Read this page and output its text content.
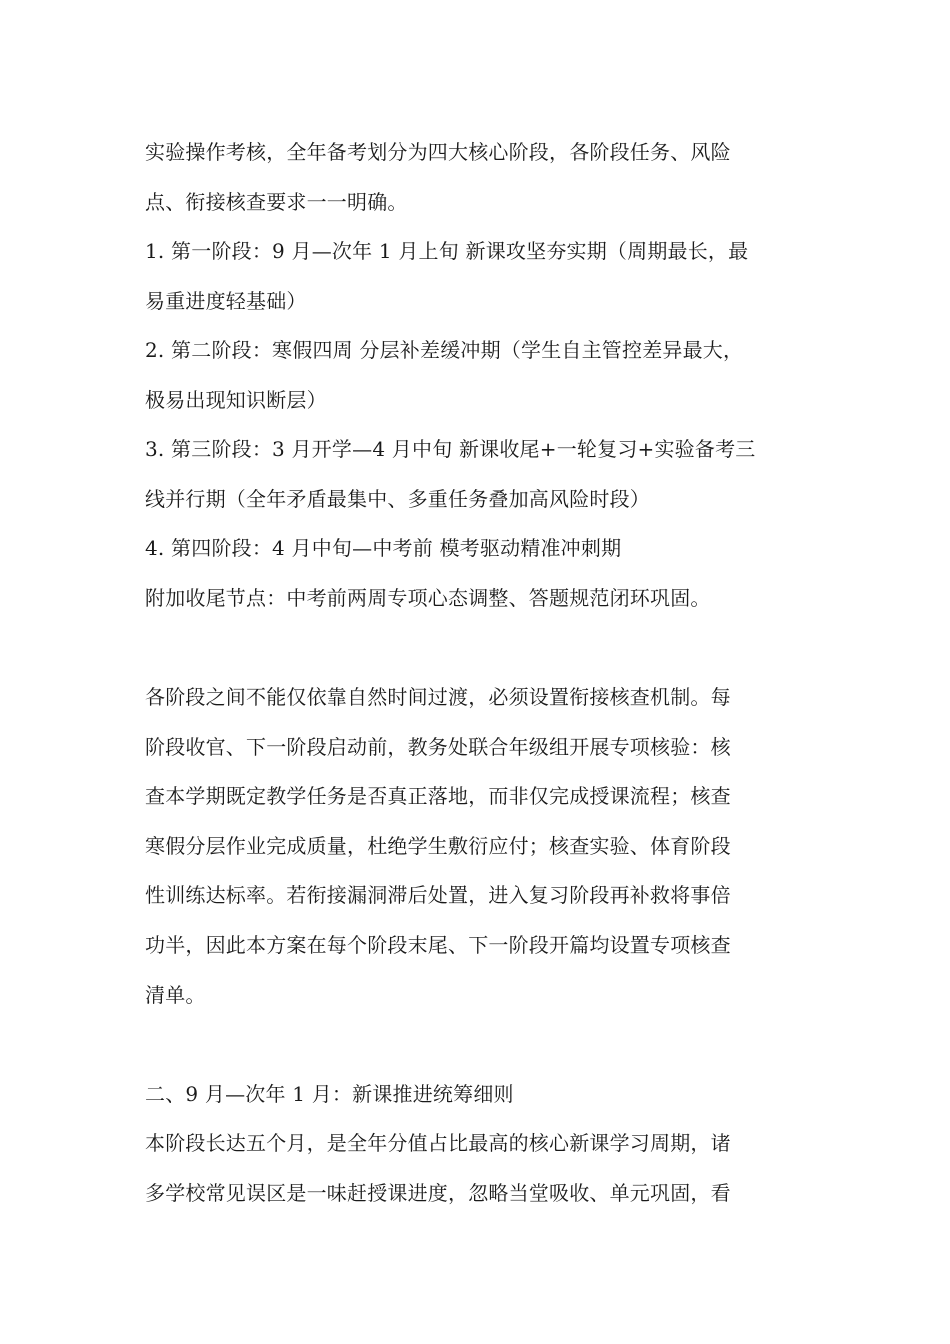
实验操作考核，全年备考划分为四大核心阶段，各阶段任务、风险

点、衔接核查要求一一明确。

1. 第一阶段：9 月—次年 1 月上旬 新课攻坚夯实期（周期最长，最

易重进度轻基础）

2. 第二阶段：寒假四周 分层补差缓冲期（学生自主管控差异最大，

极易出现知识断层）

3. 第三阶段：3 月开学—4 月中旬 新课收尾+一轮复习+实验备考三

线并行期（全年矛盾最集中、多重任务叠加高风险时段）

4. 第四阶段：4 月中旬—中考前 模考驱动精准冲刺期

附加收尾节点：中考前两周专项心态调整、答题规范闭环巩固。

各阶段之间不能仅依靠自然时间过渡，必须设置衔接核查机制。每

阶段收官、下一阶段启动前，教务处联合年级组开展专项核验：核

查本学期既定教学任务是否真正落地，而非仅完成授课流程；核查

寒假分层作业完成质量，杜绝学生敷衍应付；核查实验、体育阶段

性训练达标率。若衔接漏洞滞后处置，进入复习阶段再补救将事倍

功半，因此本方案在每个阶段末尾、下一阶段开篇均设置专项核查

清单。

二、9 月—次年 1 月：新课推进统筹细则

本阶段长达五个月，是全年分值占比最高的核心新课学习周期，诸

多学校常见误区是一味赶授课进度，忽略当堂吸收、单元巩固，看
